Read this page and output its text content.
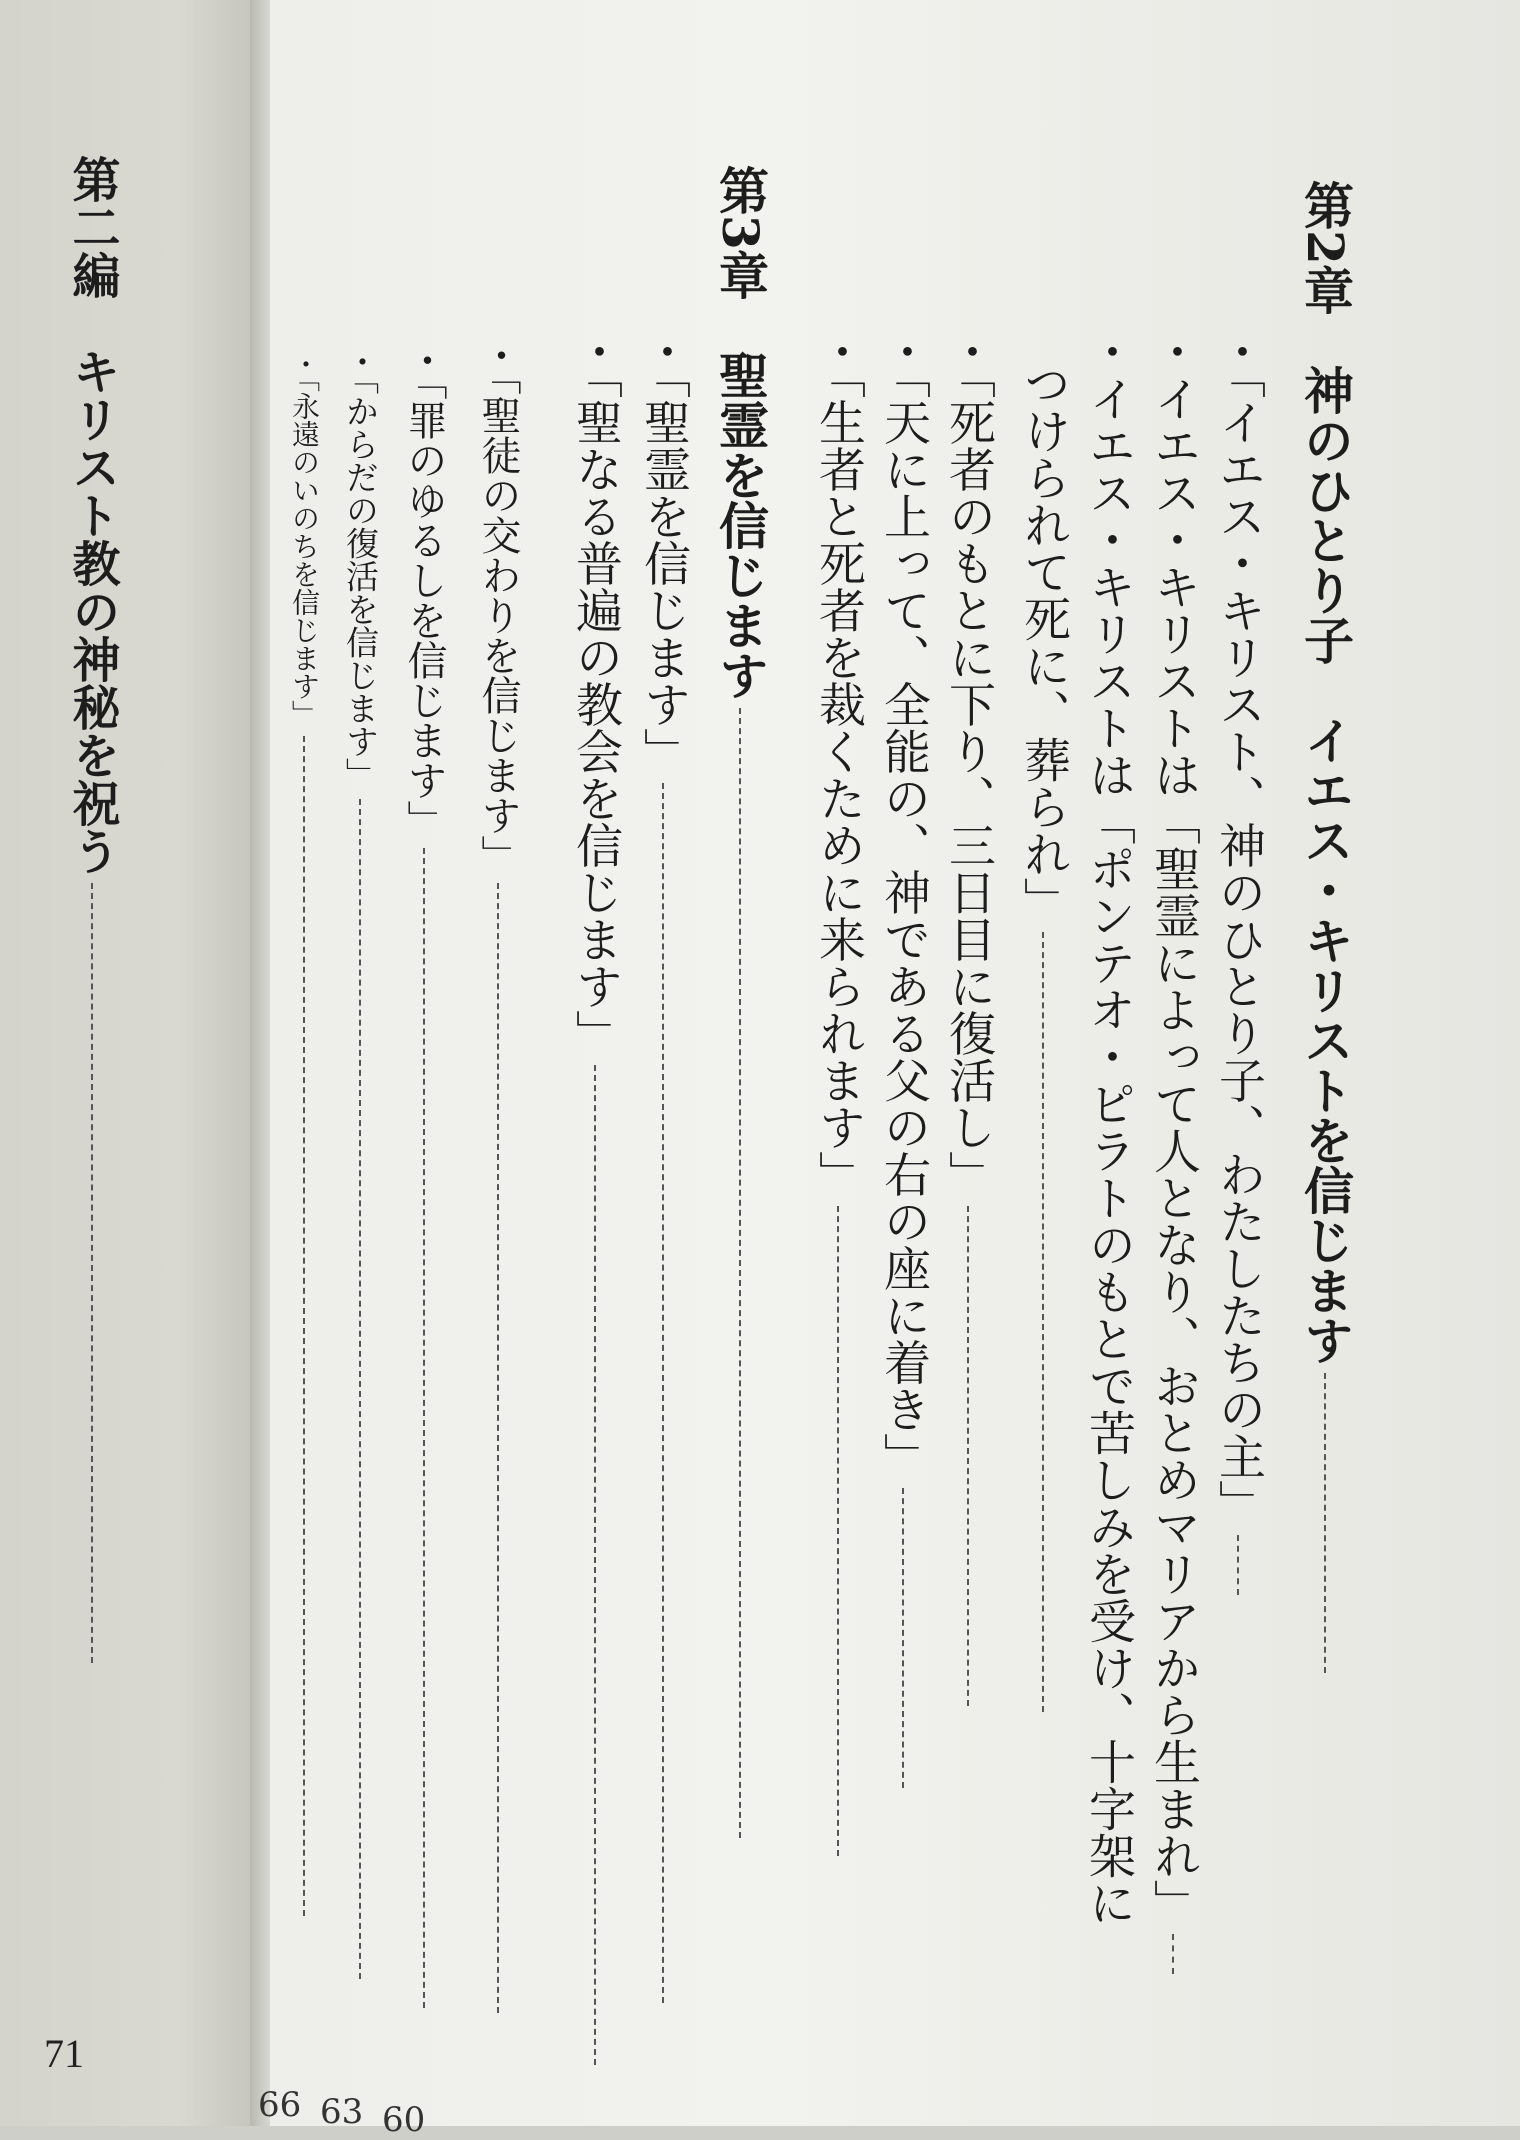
第2章　神のひとり子　イエス・キリストを信じます
・「イエス・キリスト、神のひとり子、わたしたちの主」
・イエス・キリストは「聖霊によって人となり、おとめマリアから生まれ」
・イエス・キリストは「ポンテオ・ピラトのもとで苦しみを受け、十字架に
つけられて死に、葬られ」
・「死者のもとに下り、三日目に復活し」
・「天に上って、全能の、神である父の右の座に着き」
・「生者と死者を裁くために来られます」
第3章　聖霊を信じます
・「聖霊を信じます」
・「聖なる普遍の教会を信じます」
・「聖徒の交わりを信じます」
・「罪のゆるしを信じます」
・「からだの復活を信じます」
・「永遠のいのちを信じます」
66 63 60
第二編　キリスト教の神秘を祝う
71
